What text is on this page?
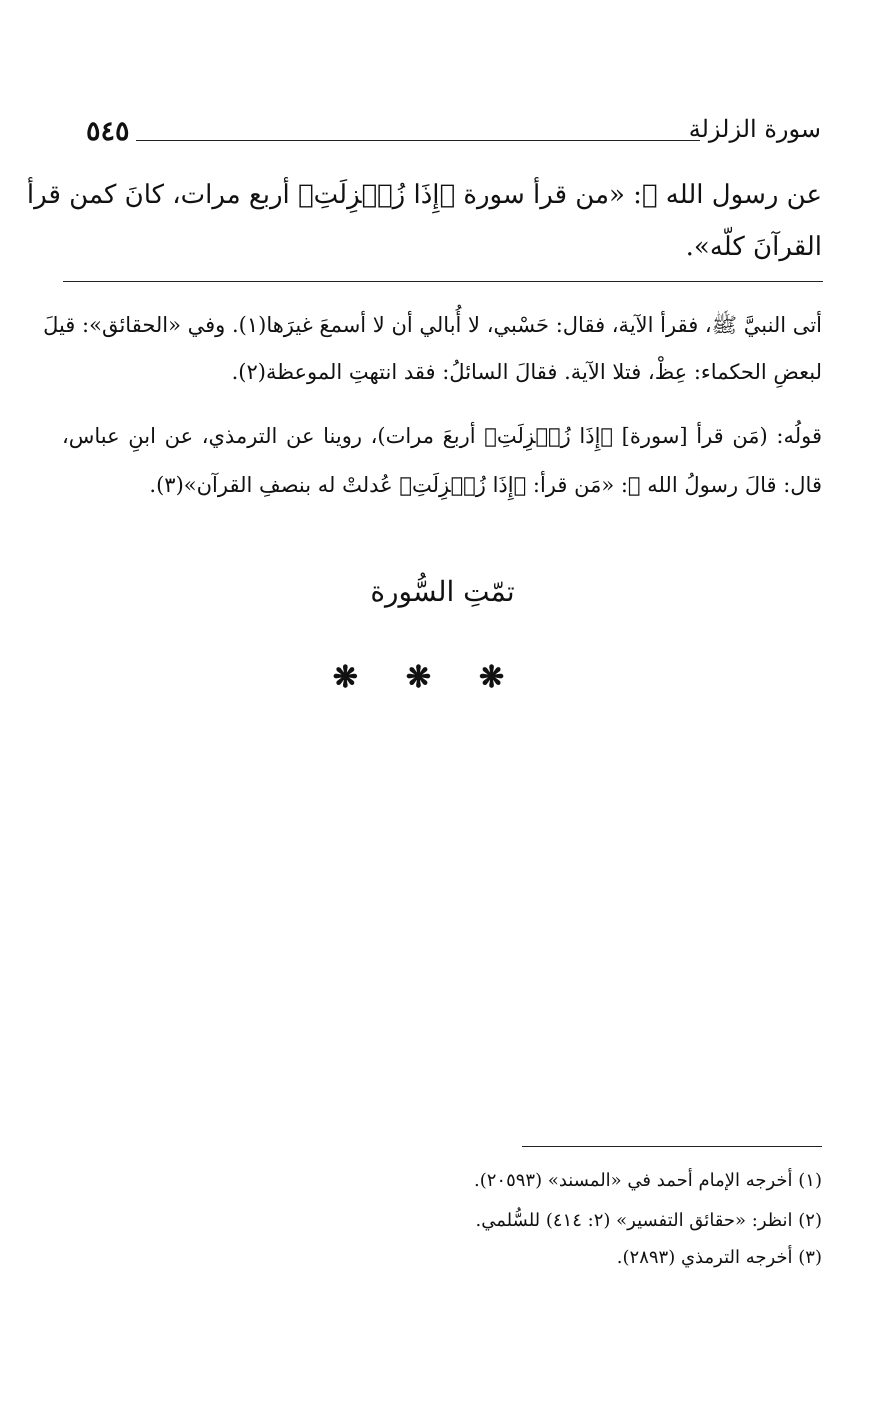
٥٤٥	سورة الزلزلة
عن رسول الله ﷺ: «من قرأ سورة ﴿إِذَا زُلۡزِلَتِ﴾ أربع مرات، كانَ كمن قرأ
القرآنَ كلّه».
أتى النبيَّ ﷺ، فقرأ الآية، فقال: حَسْبي، لا أُبالي أن لا أسمعَ غيرَها(١). وفي «الحقائق»: قيلَ
لبعضِ الحكماء: عِظْ، فتلا الآية. فقالَ السائلُ: فقد انتهتِ الموعظة(٢).
قولُه: (مَن قرأ [سورة] ﴿إِذَا زُلۡزِلَتِ﴾ أربعَ مرات)، روينا عن الترمذي، عن ابنِ عباس،
قال: قالَ رسولُ الله ﷺ: «مَن قرأ: ﴿إِذَا زُلۡزِلَتِ﴾ عُدلتْ له بنصفِ القرآن»(٣).
تمّتِ السُّورة
❋❋❋
(١) أخرجه الإمام أحمد في «المسند» (٢٠٥٩٣).
(٢) انظر: «حقائق التفسير» (٢: ٤١٤) للسُّلمي.
(٣) أخرجه الترمذي (٢٨٩٣).
